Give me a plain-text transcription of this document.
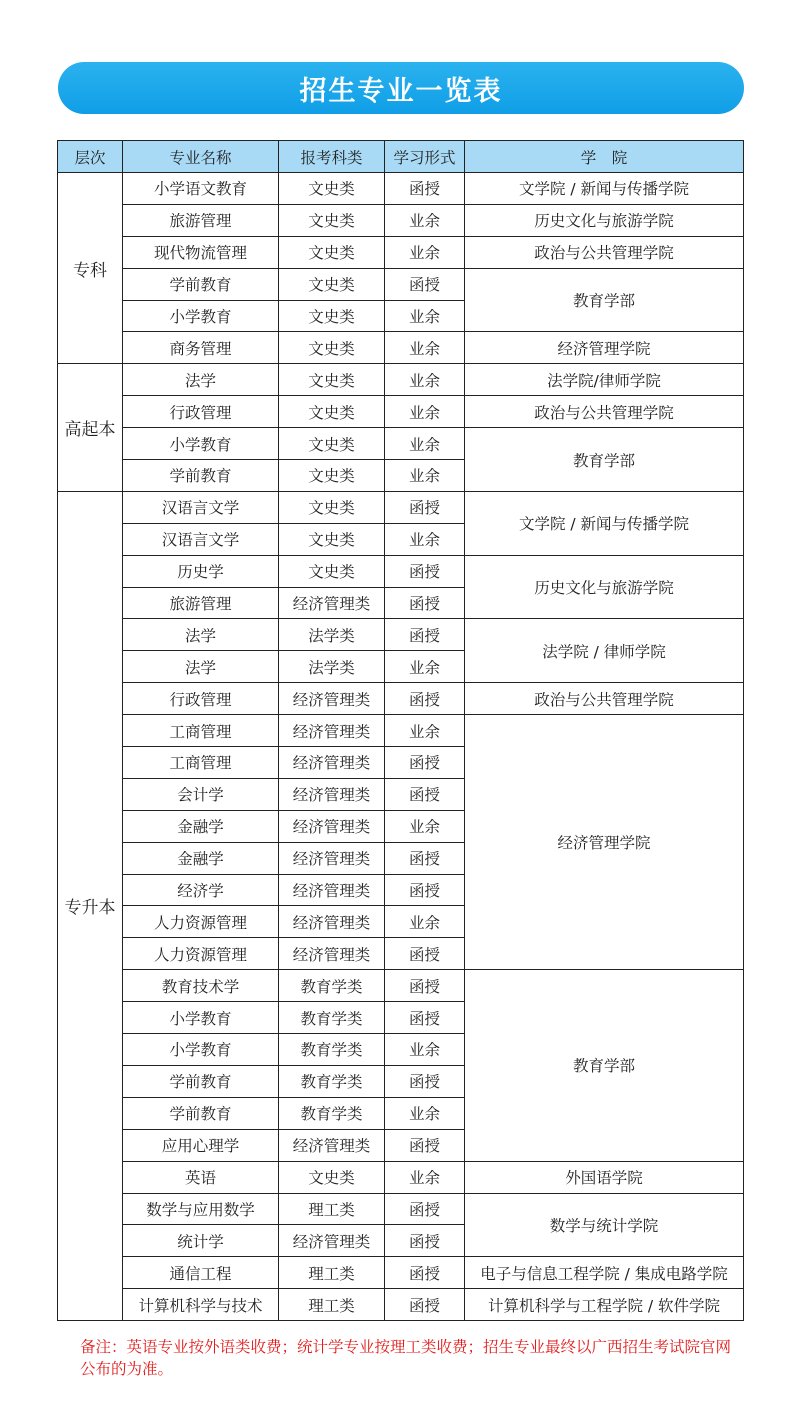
招生专业一览表
层次	专业名称	报考科类	学习形式	学　院
专科	小学语文教育	文史类	函授	文学院 / 新闻与传播学院
	旅游管理	文史类	业余	历史文化与旅游学院
	现代物流管理	文史类	业余	政治与公共管理学院
	学前教育	文史类	函授	教育学部
	小学教育	文史类	业余	
	商务管理	文史类	业余	经济管理学院
高起本	法学	文史类	业余	法学院/律师学院
	行政管理	文史类	业余	政治与公共管理学院
	小学教育	文史类	业余	教育学部
	学前教育	文史类	业余	
专升本	汉语言文学	文史类	函授	文学院 / 新闻与传播学院
	汉语言文学	文史类	业余	
	历史学	文史类	函授	历史文化与旅游学院
	旅游管理	经济管理类	函授	
	法学	法学类	函授	法学院 / 律师学院
	法学	法学类	业余	
	行政管理	经济管理类	函授	政治与公共管理学院
	工商管理	经济管理类	业余	经济管理学院
	工商管理	经济管理类	函授	
	会计学	经济管理类	函授	
	金融学	经济管理类	业余	
	金融学	经济管理类	函授	
	经济学	经济管理类	函授	
	人力资源管理	经济管理类	业余	
	人力资源管理	经济管理类	函授	
	教育技术学	教育学类	函授	教育学部
	小学教育	教育学类	函授	
	小学教育	教育学类	业余	
	学前教育	教育学类	函授	
	学前教育	教育学类	业余	
	应用心理学	经济管理类	函授	
	英语	文史类	业余	外国语学院
	数学与应用数学	理工类	函授	数学与统计学院
	统计学	经济管理类	函授	
	通信工程	理工类	函授	电子与信息工程学院 / 集成电路学院
	计算机科学与技术	理工类	函授	计算机科学与工程学院 / 软件学院
备注：英语专业按外语类收费；统计学专业按理工类收费；招生专业最终以广西招生考试院官网公布的为准。
